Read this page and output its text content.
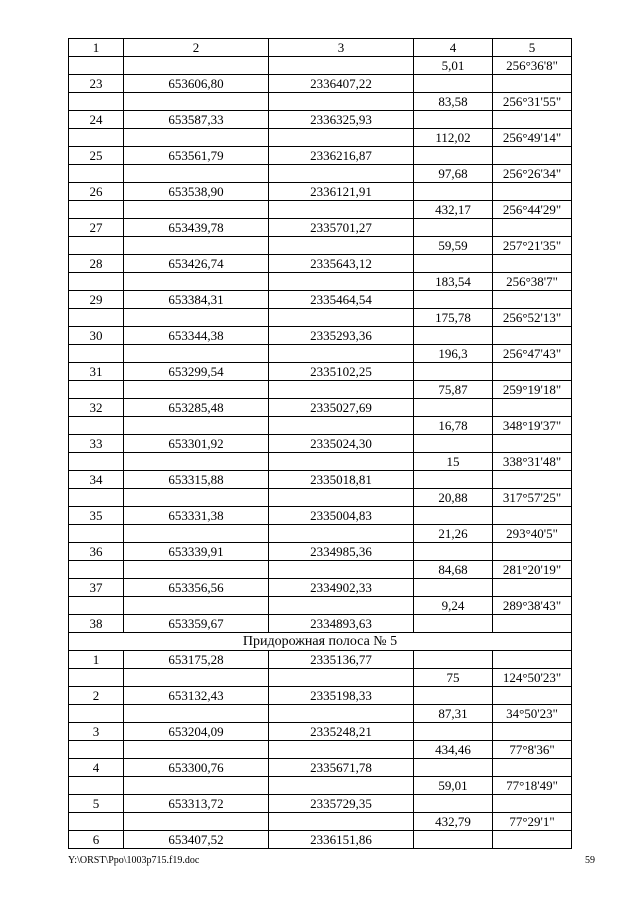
1	2	3	4	5
			5,01	256°36'8"
23	653606,80	2336407,22		
			83,58	256°31'55"
24	653587,33	2336325,93		
			112,02	256°49'14"
25	653561,79	2336216,87		
			97,68	256°26'34"
26	653538,90	2336121,91		
			432,17	256°44'29"
27	653439,78	2335701,27		
			59,59	257°21'35"
28	653426,74	2335643,12		
			183,54	256°38'7"
29	653384,31	2335464,54		
			175,78	256°52'13"
30	653344,38	2335293,36		
			196,3	256°47'43"
31	653299,54	2335102,25		
			75,87	259°19'18"
32	653285,48	2335027,69		
			16,78	348°19'37"
33	653301,92	2335024,30		
			15	338°31'48"
34	653315,88	2335018,81		
			20,88	317°57'25"
35	653331,38	2335004,83		
			21,26	293°40'5"
36	653339,91	2334985,36		
			84,68	281°20'19"
37	653356,56	2334902,33		
			9,24	289°38'43"
38	653359,67	2334893,63		
Придорожная полоса № 5				
1	653175,28	2335136,77		
			75	124°50'23"
2	653132,43	2335198,33		
			87,31	34°50'23"
3	653204,09	2335248,21		
			434,46	77°8'36"
4	653300,76	2335671,78		
			59,01	77°18'49"
5	653313,72	2335729,35		
			432,79	77°29'1"
6	653407,52	2336151,86		
Y:\ORST\Ppo\1003p715.f19.doc	59
